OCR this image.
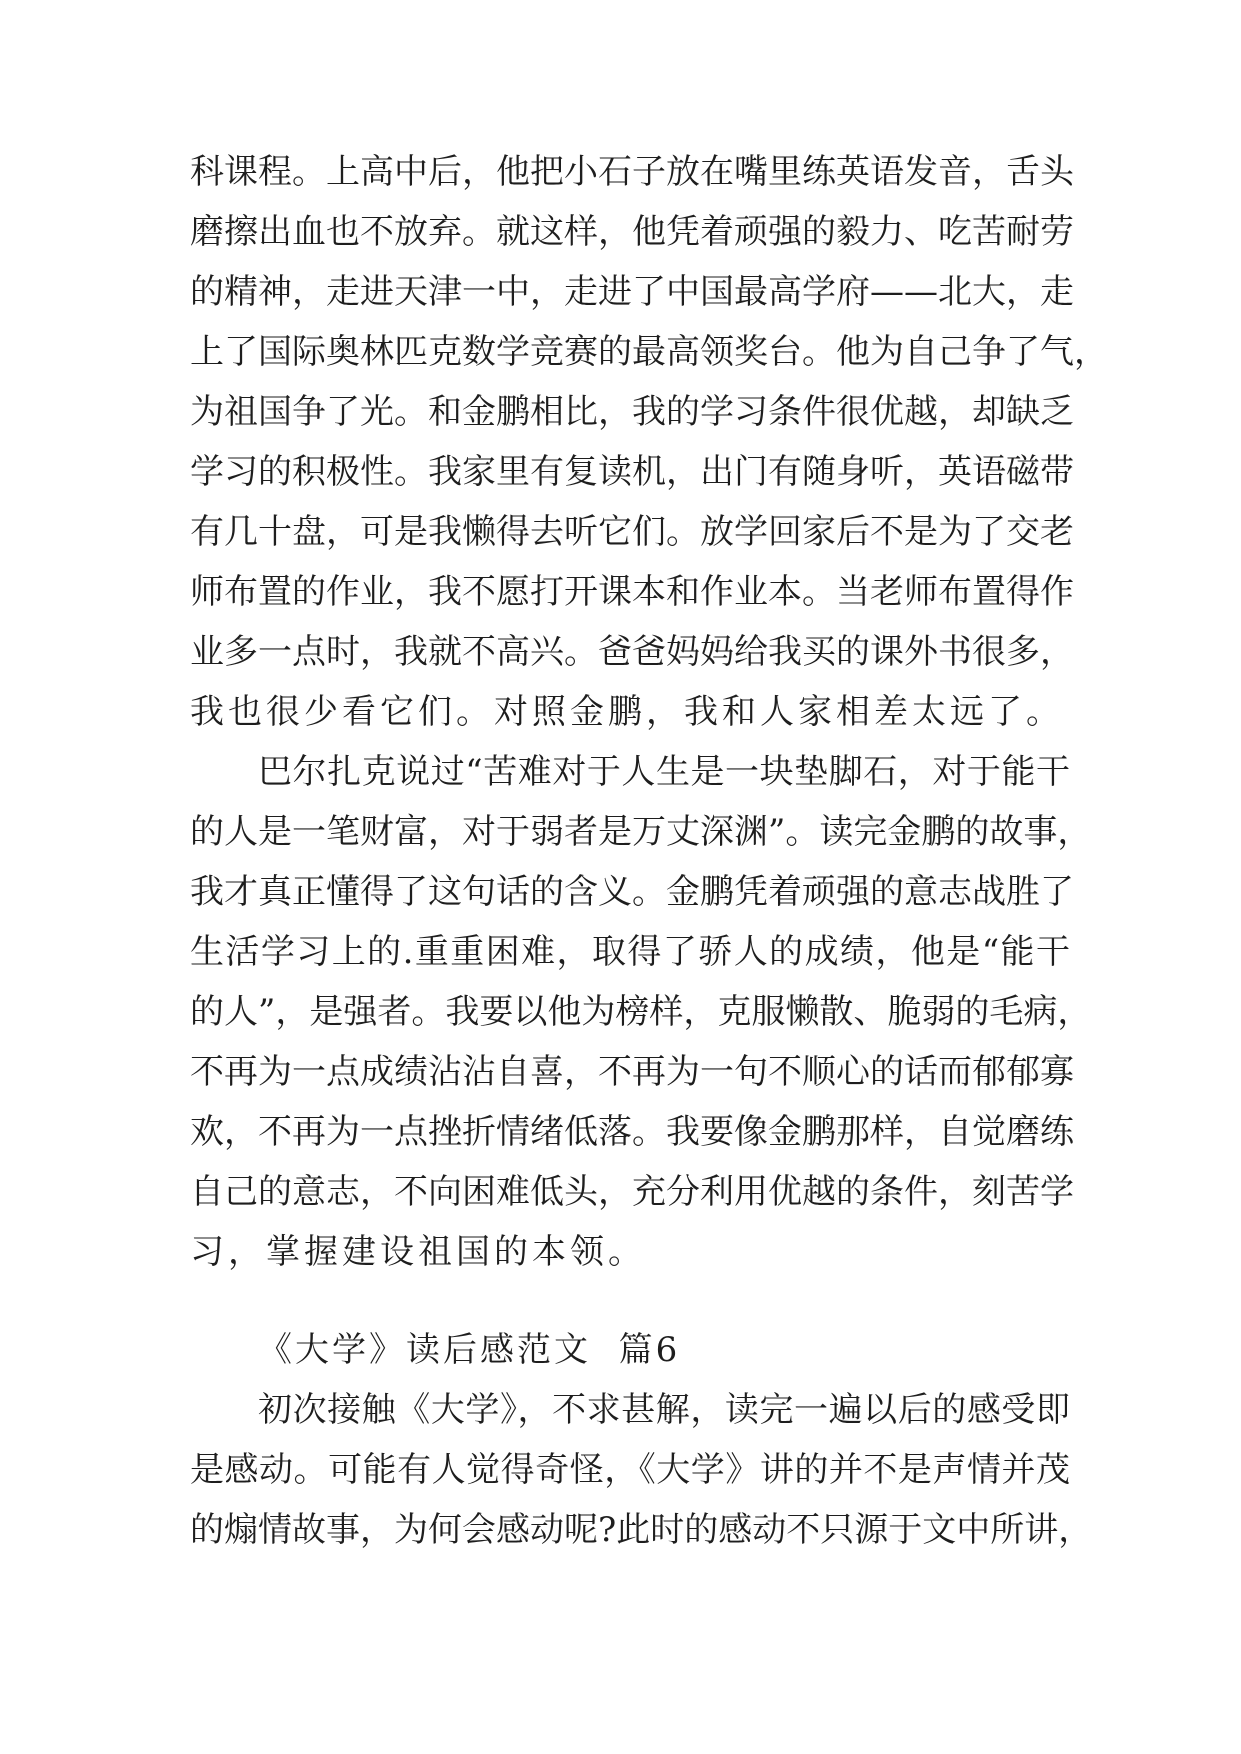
科课程。上高中后，他把小石子放在嘴里练英语发音，舌头

磨擦出血也不放弃。就这样，他凭着顽强的毅力、吃苦耐劳

的精神，走进天津一中，走进了中国最高学府——北大，走

上了国际奥林匹克数学竞赛的最高领奖台。他为自己争了气，

为祖国争了光。和金鹏相比，我的学习条件很优越，却缺乏

学习的积极性。我家里有复读机，出门有随身听，英语磁带

有几十盘，可是我懒得去听它们。放学回家后不是为了交老

师布置的作业，我不愿打开课本和作业本。当老师布置得作

业多一点时，我就不高兴。爸爸妈妈给我买的课外书很多，

我也很少看它们。对照金鹏，我和人家相差太远了。

巴尔扎克说过“苦难对于人生是一块垫脚石，对于能干

的人是一笔财富，对于弱者是万丈深渊”。读完金鹏的故事，

我才真正懂得了这句话的含义。金鹏凭着顽强的意志战胜了

生活学习上的.重重困难，取得了骄人的成绩，他是“能干

的人”，是强者。我要以他为榜样，克服懒散、脆弱的毛病，

不再为一点成绩沾沾自喜，不再为一句不顺心的话而郁郁寡

欢，不再为一点挫折情绪低落。我要像金鹏那样，自觉磨练

自己的意志，不向困难低头，充分利用优越的条件，刻苦学

习，掌握建设祖国的本领。

《大学》读后感范文  篇6

初次接触《大学》，不求甚解，读完一遍以后的感受即

是感动。可能有人觉得奇怪，《大学》讲的并不是声情并茂

的煽情故事，为何会感动呢?此时的感动不只源于文中所讲，
